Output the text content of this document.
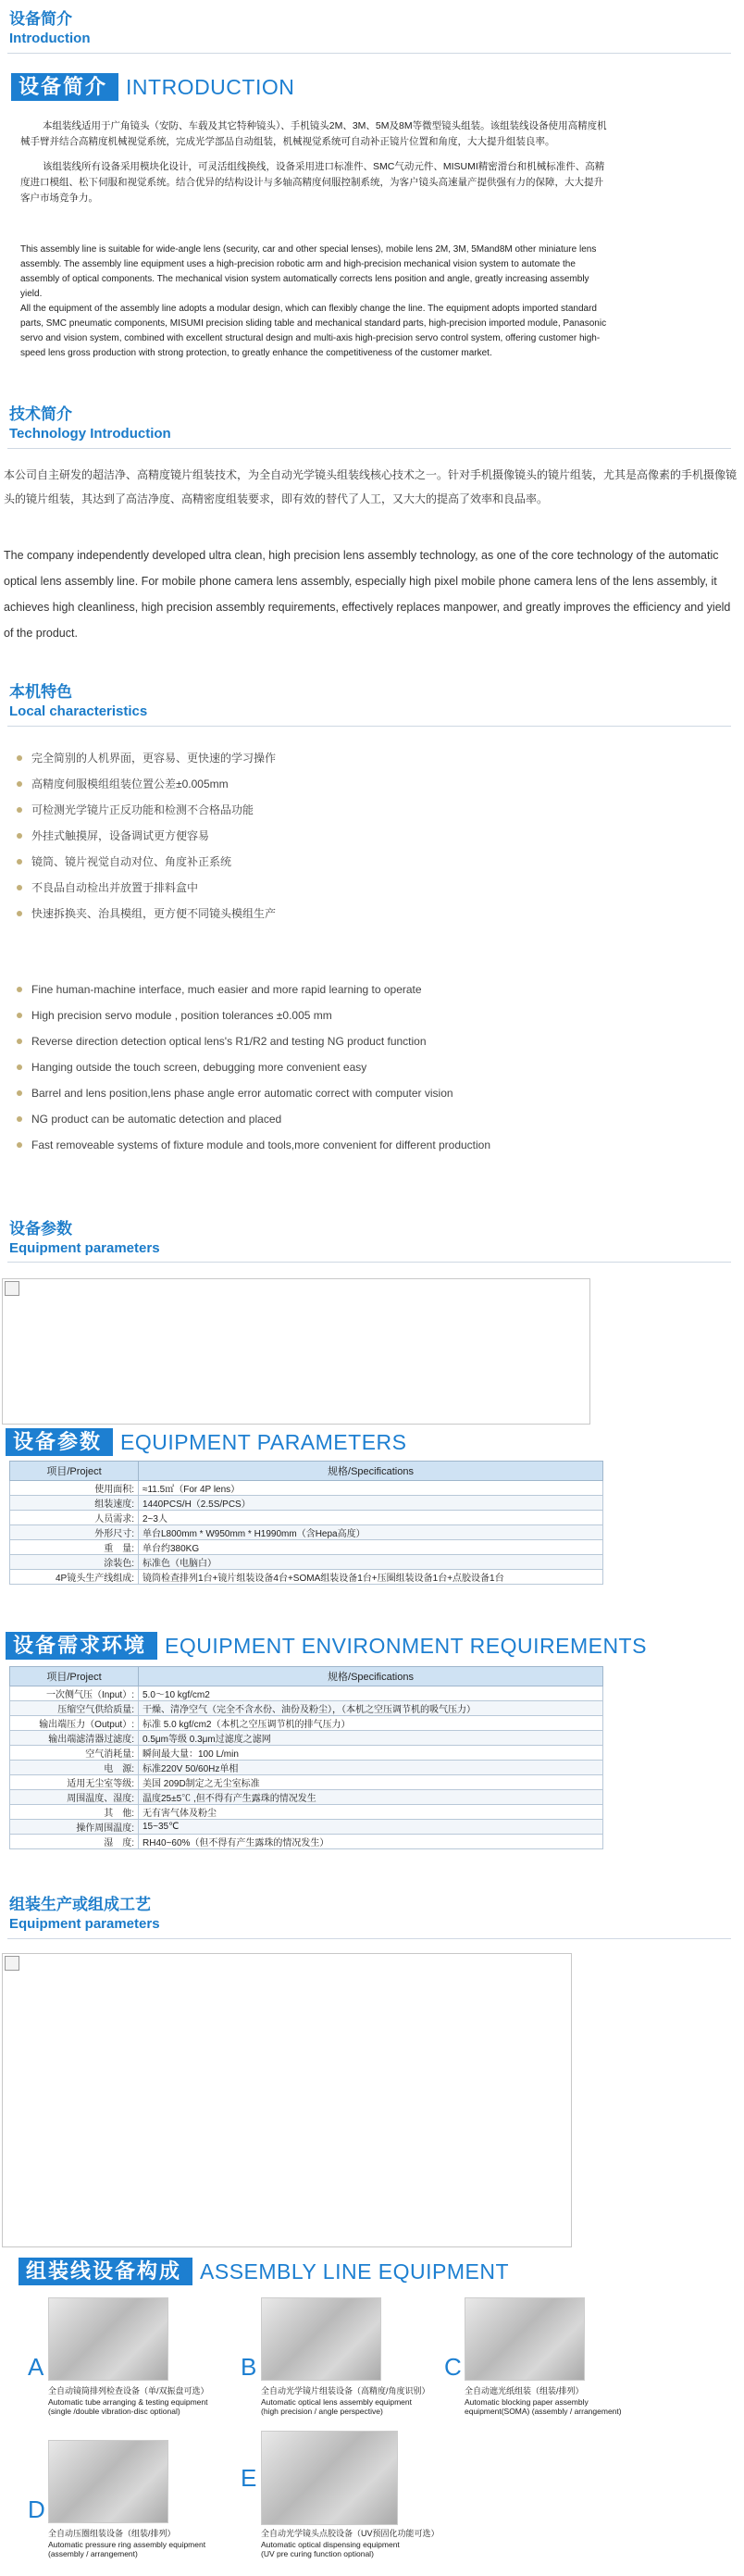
设备简介
Introduction
设备简介 INTRODUCTION
本组装线适用于广角镜头（安防、车载及其它特种镜头）、手机镜头2M、3M、5M及8M等微型镜头组装。该组装线设备使用高精度机械手臂并结合高精度机械视觉系统，完成光学部品自动组装，机械视觉系统可自动补正镜片位置和角度，大大提升组装良率。
该组装线所有设备采用模块化设计，可灵活组线换线，设备采用进口标准件、SMC气动元件、MISUMI精密滑台和机械标准件、高精度进口模组、松下伺服和视觉系统。结合优异的结构设计与多轴高精度伺服控制系统，为客户镜头高速量产提供强有力的保障，大大提升客户市场竞争力。
This assembly line is suitable for wide-angle lens (security, car and other special lenses), mobile lens 2M, 3M, 5Mand8M other miniature lens assembly. The assembly line equipment uses a high-precision robotic arm and high-precision mechanical vision system to automate the assembly of optical components. The mechanical vision system automatically corrects lens position and angle, greatly increasing assembly yield.
All the equipment of the assembly line adopts a modular design, which can flexibly change the line. The equipment adopts imported standard parts, SMC pneumatic components, MISUMI precision sliding table and mechanical standard parts, high-precision imported module, Panasonic servo and vision system, combined with excellent structural design and multi-axis high-precision servo control system, offering customer high-speed lens gross production with strong protection, to greatly enhance the competitiveness of the customer market.
技术简介
Technology Introduction
本公司自主研发的超洁净、高精度镜片组装技术，为全自动光学镜头组装线核心技术之一。针对手机摄像镜头的镜片组装，尤其是高像素的手机摄像镜头的镜片组装，其达到了高洁净度、高精密度组装要求，即有效的替代了人工，又大大的提高了效率和良品率。
The company independently developed ultra clean, high precision lens assembly technology, as one of the core technology of the automatic optical lens assembly line. For mobile phone camera lens assembly, especially high pixel mobile phone camera lens of the lens assembly, it achieves high cleanliness, high precision assembly requirements, effectively replaces manpower, and greatly improves the efficiency and yield of the product.
本机特色
Local characteristics
完全简别的人机界面，更容易、更快速的学习操作
高精度伺服模组组装位置公差±0.005mm
可检测光学镜片正反功能和检测不合格品功能
外挂式触摸屏，设备调试更方便容易
镜筒、镜片视觉自动对位、角度补正系统
不良品自动检出并放置于排料盒中
快速拆换夹、治具模组，更方便不同镜头模组生产
Fine human-machine interface, much easier and more rapid learning to operate
High precision servo module , position tolerances ±0.005 mm
Reverse direction detection optical lens's R1/R2 and testing NG product function
Hanging outside the touch screen, debugging more convenient easy
Barrel and lens position,lens phase angle error automatic correct with computer vision
NG product can be automatic detection and placed
Fast removeable systems of fixture module and tools,more convenient for different production
设备参数
Equipment parameters
设备参数 EQUIPMENT PARAMETERS
项目/Project	规格/Specifications
使用面积:	≈11.5㎡（For 4P lens）
组装速度:	1440PCS/H（2.5S/PCS）
人员需求:	2~3人
外形尺寸:	单台L800mm * W950mm * H1990mm（含Hepa高度）
重　量:	单台约380KG
涂装色:	标准色（电脑白）
4P镜头生产线组成:	镜筒检查排列1台+镜片组装设备4台+SOMA组装设备1台+压圈组装设备1台+点胶设备1台
设备需求环境 EQUIPMENT ENVIRONMENT REQUIREMENTS
项目/Project	规格/Specifications
一次侧气压（Input）:	5.0～10 kgf/cm2
压缩空气供给质量:	干燥、清净空气（完全不含水份、油份及粉尘），（本机之空压调节机的吸气压力）
输出端压力（Output）:	标准 5.0 kgf/cm2（本机之空压调节机的排气压力）
输出端滤清器过滤度:	0.5μm等级 0.3μm过滤度之滤网
空气消耗量:	瞬间最大量：100 L/min
电　源:	标准220V 50/60Hz单相
适用无尘室等级:	美国 209D制定之无尘室标准
周围温度、湿度:	温度25±5℃ ,但不得有产生露珠的情况发生
其　他:	无有害气体及粉尘
操作周围温度:	15~35℃
湿　度:	RH40~60%（但不得有产生露珠的情况发生）
组装生产或组成工艺
Equipment parameters
组装线设备构成 ASSEMBLY LINE EQUIPMENT
A
全自动镜筒排列检查设备（单/双振盘可选）
Automatic tube arranging & testing equipment
(single /double vibration-disc optional)
B
全自动光学镜片组装设备（高精度/角度识别）
Automatic optical lens assembly equipment
(high precision / angle perspective)
C
全自动遮光纸组装（组装/排列）
Automatic blocking paper assembly
equipment(SOMA) (assembly / arrangement)
D
全自动压圈组装设备（组装/排列）
Automatic pressure ring assembly equipment
(assembly / arrangement)
E
全自动光学镜头点胶设备（UV预固化功能可选）
Automatic optical dispensing equipment
(UV pre curing function optional)
